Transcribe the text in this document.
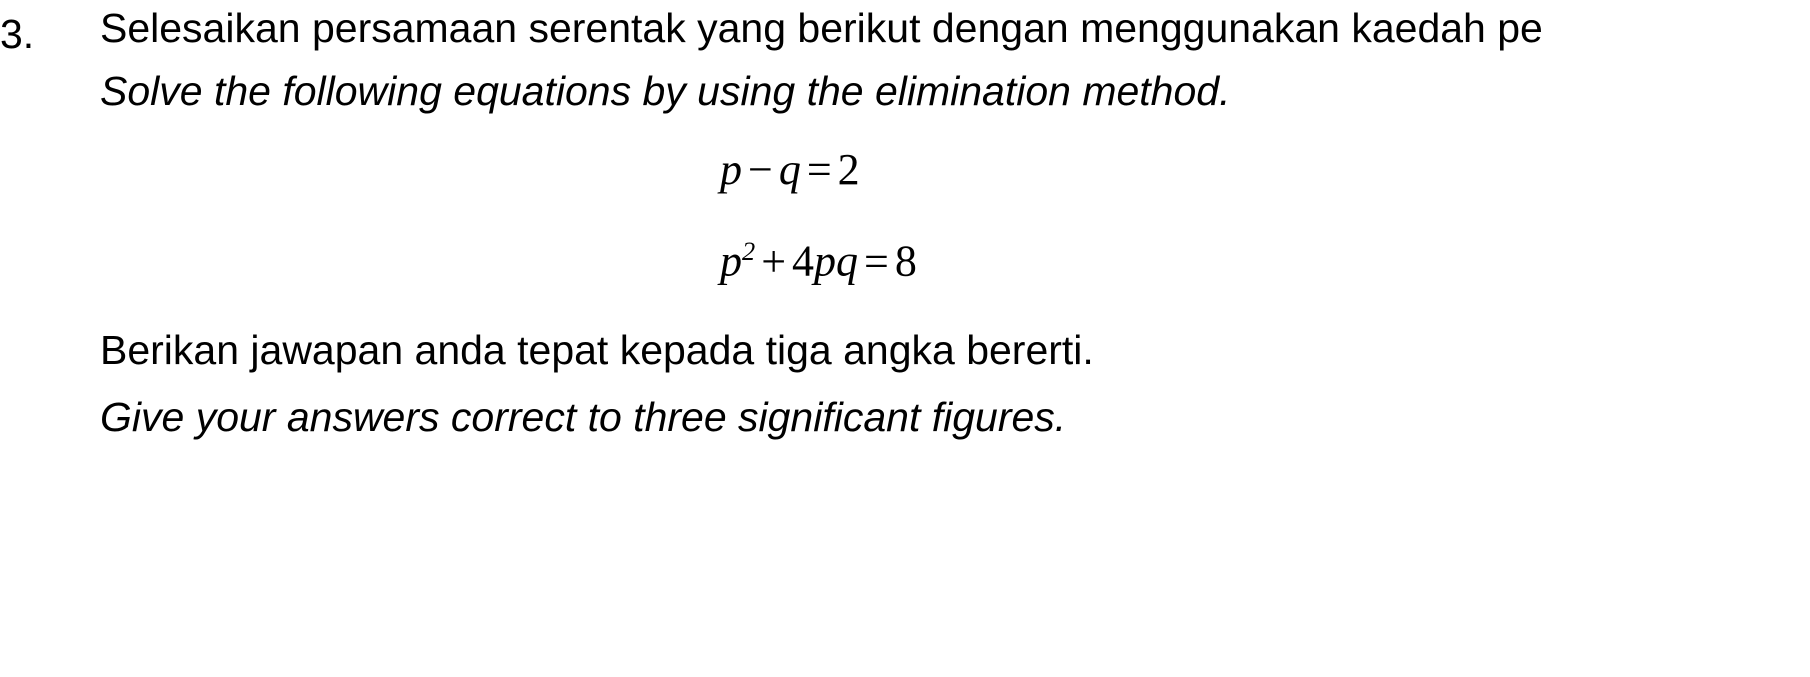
3. Selesaikan persamaan serentak yang berikut dengan menggunakan kaedah pe
Solve the following equations by using the elimination method.
p − q = 2
$p^2 + 4pq = 8$
Berikan jawapan anda tepat kepada tiga angka bererti.
Give your answers correct to three significant figures.
